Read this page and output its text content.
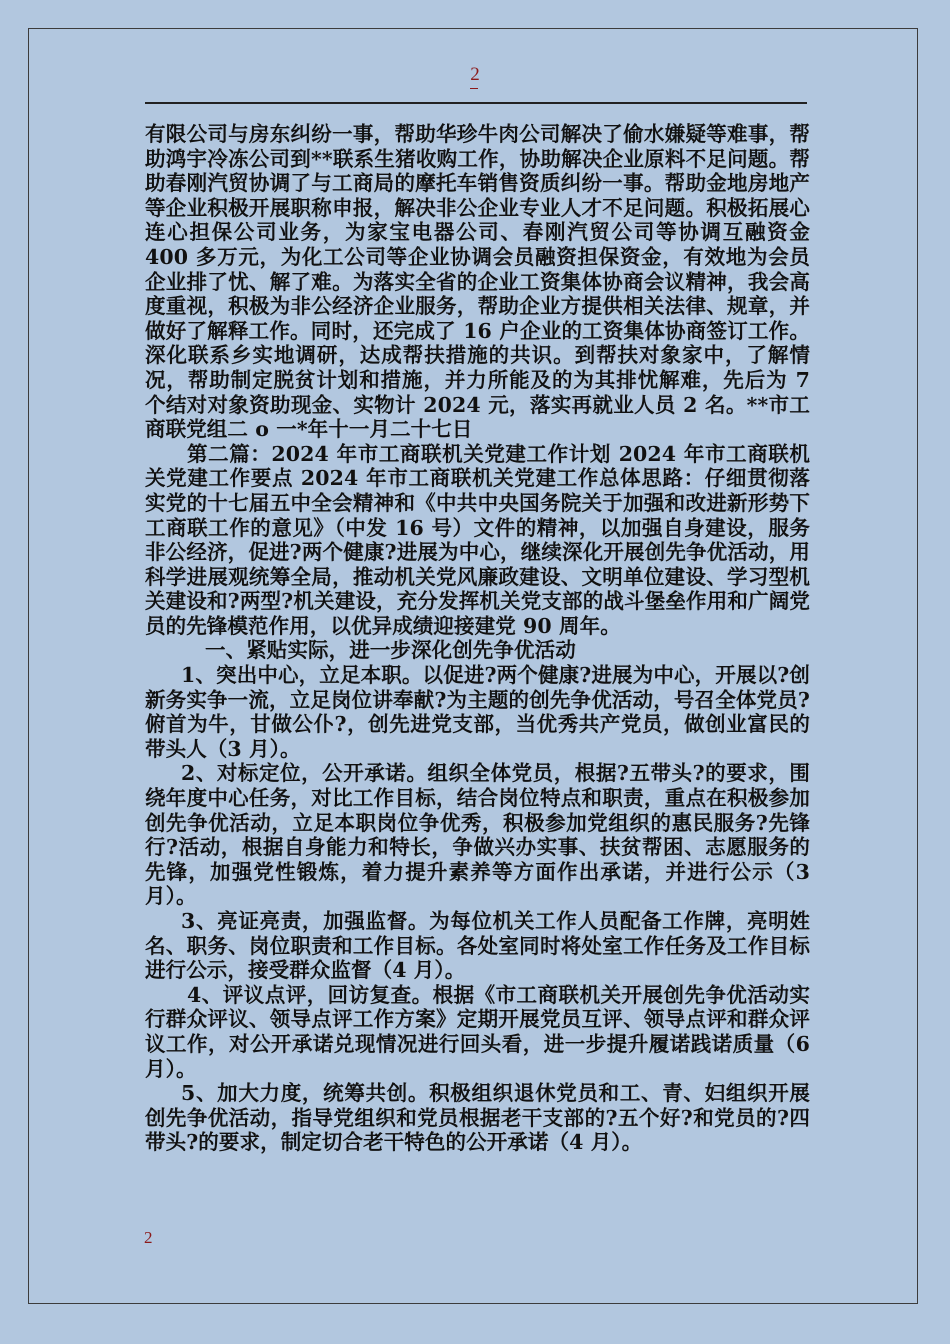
2

有限公司与房东纠纷一事，帮助华珍牛肉公司解决了偷水嫌疑等难事，帮助鸿宇冷冻公司到**联系生猪收购工作，协助解决企业原料不足问题。帮助春刚汽贸协调了与工商局的摩托车销售资质纠纷一事。帮助金地房地产等企业积极开展职称申报，解决非公企业专业人才不足问题。积极拓展心连心担保公司业务，为家宝电器公司、春刚汽贸公司等协调互融资金 400 多万元，为化工公司等企业协调会员融资担保资金，有效地为会员企业排了忧、解了难。为落实全省的企业工资集体协商会议精神，我会高度重视，积极为非公经济企业服务，帮助企业方提供相关法律、规章，并做好了解释工作。同时，还完成了 16 户企业的工资集体协商签订工作。深化联系乡实地调研，达成帮扶措施的共识。到帮扶对象家中，了解情况，帮助制定脱贫计划和措施，并力所能及的为其排忧解难，先后为 7 个结对对象资助现金、实物计 2024 元，落实再就业人员 2 名。**市工商联党组二 o 一*年十一月二十七日

第二篇：2024 年市工商联机关党建工作计划 2024 年市工商联机关党建工作要点 2024 年市工商联机关党建工作总体思路：仔细贯彻落实党的十七届五中全会精神和《中共中央国务院关于加强和改进新形势下工商联工作的意见》（中发 16 号）文件的精神，以加强自身建设，服务非公经济，促进?两个健康?进展为中心，继续深化开展创先争优活动，用科学进展观统筹全局，推动机关党风廉政建设、文明单位建设、学习型机关建设和?两型?机关建设，充分发挥机关党支部的战斗堡垒作用和广阔党员的先锋模范作用，以优异成绩迎接建党 90 周年。

一、紧贴实际，进一步深化创先争优活动

1、突出中心，立足本职。以促进?两个健康?进展为中心，开展以?创新务实争一流，立足岗位讲奉献?为主题的创先争优活动，号召全体党员?俯首为牛，甘做公仆?，创先进党支部，当优秀共产党员，做创业富民的带头人（3 月）。

2、对标定位，公开承诺。组织全体党员，根据?五带头?的要求，围绕年度中心任务，对比工作目标，结合岗位特点和职责，重点在积极参加创先争优活动，立足本职岗位争优秀，积极参加党组织的惠民服务?先锋行?活动，根据自身能力和特长，争做兴办实事、扶贫帮困、志愿服务的先锋，加强党性锻炼，着力提升素养等方面作出承诺，并进行公示（3 月）。

3、亮证亮责，加强监督。为每位机关工作人员配备工作牌，亮明姓名、职务、岗位职责和工作目标。各处室同时将处室工作任务及工作目标进行公示，接受群众监督（4 月）。

4、评议点评，回访复查。根据《市工商联机关开展创先争优活动实行群众评议、领导点评工作方案》定期开展党员互评、领导点评和群众评议工作，对公开承诺兑现情况进行回头看，进一步提升履诺践诺质量（6 月）。

5、加大力度，统筹共创。积极组织退休党员和工、青、妇组织开展创先争优活动，指导党组织和党员根据老干支部的?五个好?和党员的?四带头?的要求，制定切合老干特色的公开承诺（4 月）。

2
